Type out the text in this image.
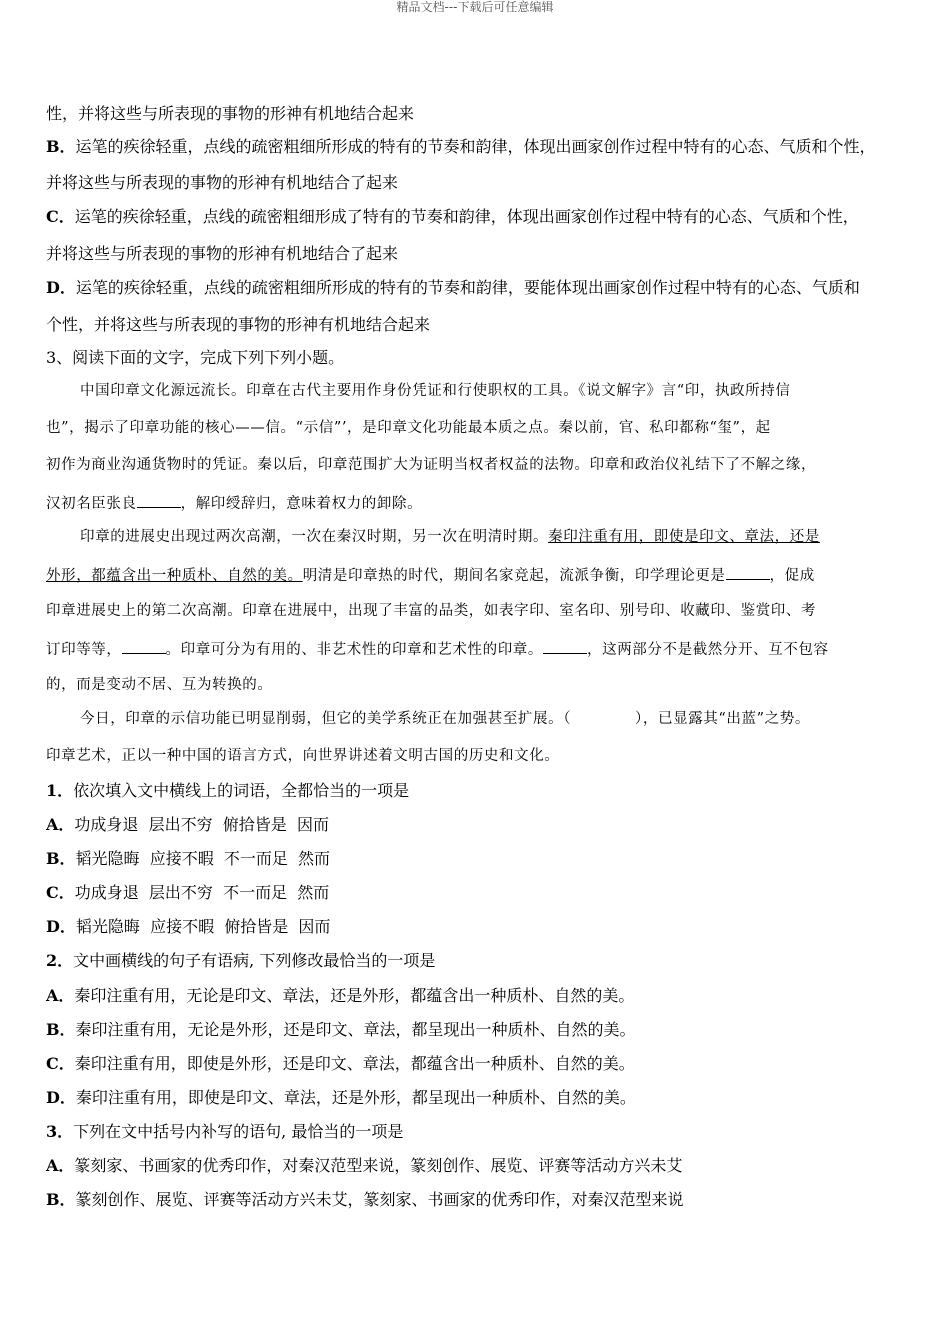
精品文档---下载后可任意编辑
性，并将这些与所表现的事物的形神有机地结合起来
B．运笔的疾徐轻重，点线的疏密粗细所形成的特有的节奏和韵律，体现出画家创作过程中特有的心态、气质和个性，
并将这些与所表现的事物的形神有机地结合了起来
C．运笔的疾徐轻重，点线的疏密粗细形成了特有的节奏和韵律，体现出画家创作过程中特有的心态、气质和个性，
并将这些与所表现的事物的形神有机地结合了起来
D．运笔的疾徐轻重，点线的疏密粗细所形成的特有的节奏和韵律，要能体现出画家创作过程中特有的心态、气质和
个性，并将这些与所表现的事物的形神有机地结合起来
3、阅读下面的文字，完成下列下列小题。
中国印章文化源远流长。印章在古代主要用作身份凭证和行使职权的工具。《说文解字》言“印，执政所持信
也”，揭示了印章功能的核心——信。“示信”’，是印章文化功能最本质之点。秦以前，官、私印都称“玺”，起
初作为商业沟通货物时的凭证。秦以后，印章范围扩大为证明当权者权益的法物。印章和政治仪礼结下了不解之缘，
汉初名臣张良	，解印绶辞归，意味着权力的卸除。
印章的进展史出现过两次高潮，一次在秦汉时期，另一次在明清时期。秦印注重有用，即使是印文、章法，还是
外形，都蕴含出一种质朴、自然的美。明清是印章热的时代，期间名家竞起，流派争衡，印学理论更是	，促成
印章进展史上的第二次高潮。印章在进展中，出现了丰富的品类，如表字印、室名印、别号印、收藏印、鉴赏印、考
订印等等，	。印章可分为有用的、非艺术性的印章和艺术性的印章。	，这两部分不是截然分开、互不包容
的，而是变动不居、互为转换的。
今日，印章的示信功能已明显削弱，但它的美学系统正在加强甚至扩展。（	），已显露其“出蓝”之势。
印章艺术，正以一种中国的语言方式，向世界讲述着文明古国的历史和文化。
1．依次填入文中横线上的词语，全都恰当的一项是
A．功成身退  层出不穷  俯拾皆是  因而
B．韬光隐晦  应接不暇  不一而足  然而
C．功成身退  层出不穷  不一而足  然而
D．韬光隐晦  应接不暇  俯拾皆是  因而
2．文中画横线的句子有语病, 下列修改最恰当的一项是
A．秦印注重有用，无论是印文、章法，还是外形，都蕴含出一种质朴、自然的美。
B．秦印注重有用，无论是外形，还是印文、章法，都呈现出一种质朴、自然的美。
C．秦印注重有用，即使是外形，还是印文、章法，都蕴含出一种质朴、自然的美。
D．秦印注重有用，即使是印文、章法，还是外形，都呈现出一种质朴、自然的美。
3．下列在文中括号内补写的语句, 最恰当的一项是
A．篆刻家、书画家的优秀印作，对秦汉范型来说，篆刻创作、展览、评赛等活动方兴未艾
B．篆刻创作、展览、评赛等活动方兴未艾，篆刻家、书画家的优秀印作，对秦汉范型来说
